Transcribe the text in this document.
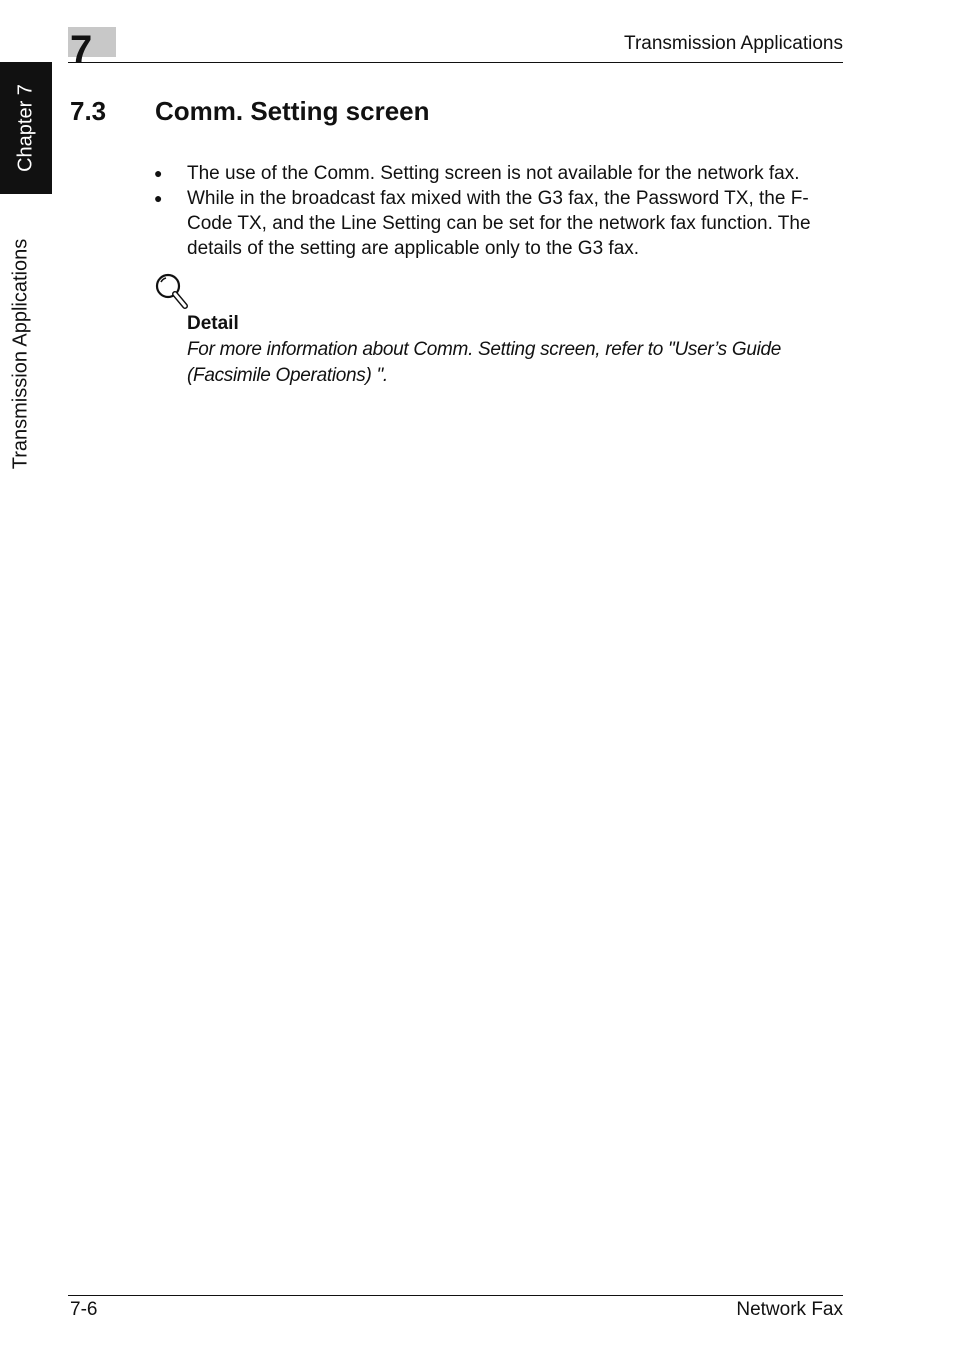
Chapter 7
Transmission Applications
7	Transmission Applications
7.3 Comm. Setting screen
● The use of the Comm. Setting screen is not available for the network fax.
● While in the broadcast fax mixed with the G3 fax, the Password TX, the F-Code TX, and the Line Setting can be set for the network fax function. The details of the setting are applicable only to the G3 fax.
Detail
For more information about Comm. Setting screen, refer to "User’s Guide (Facsimile Operations) ".
7-6	Network Fax
